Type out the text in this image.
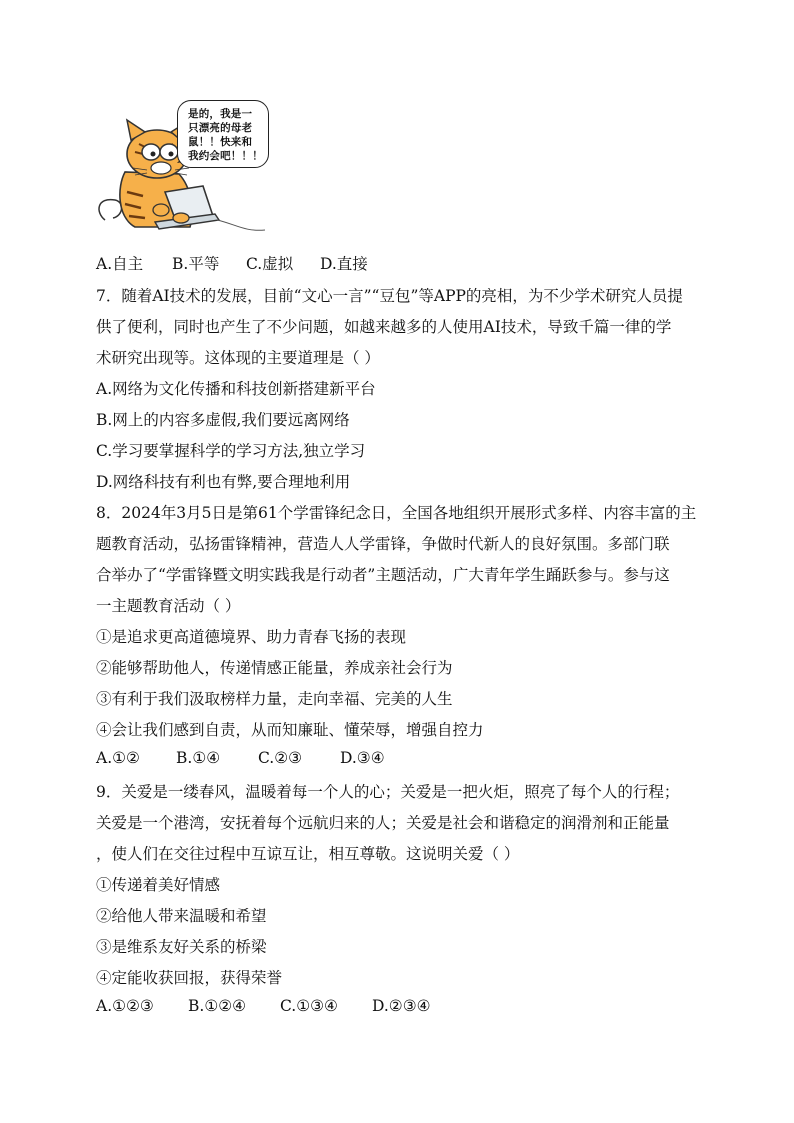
是的，我是一
只漂亮的母老
鼠！！快来和
我约会吧！！！
A.自主 B.平等 C.虚拟 D.直接
7．随着AI技术的发展，目前“文心一言”“豆包”等APP的亮相，为不少学术研究人员提
供了便利，同时也产生了不少问题，如越来越多的人使用AI技术，导致千篇一律的学
术研究出现等。这体现的主要道理是（ ）
A.网络为文化传播和科技创新搭建新平台
B.网上的内容多虚假,我们要远离网络
C.学习要掌握科学的学习方法,独立学习
D.网络科技有利也有弊,要合理地利用
8．2024年3月5日是第61个学雷锋纪念日，全国各地组织开展形式多样、内容丰富的主
题教育活动，弘扬雷锋精神，营造人人学雷锋，争做时代新人的良好氛围。多部门联
合举办了“学雷锋暨文明实践我是行动者”主题活动，广大青年学生踊跃参与。参与这
一主题教育活动（ ）
①是追求更高道德境界、助力青春飞扬的表现
②能够帮助他人，传递情感正能量，养成亲社会行为
③有利于我们汲取榜样力量，走向幸福、完美的人生
④会让我们感到自责，从而知廉耻、懂荣辱，增强自控力
A.①② B.①④ C.②③ D.③④
9．关爱是一缕春风，温暖着每一个人的心；关爱是一把火炬，照亮了每个人的行程；
关爱是一个港湾，安抚着每个远航归来的人；关爱是社会和谐稳定的润滑剂和正能量
，使人们在交往过程中互谅互让，相互尊敬。这说明关爱（ ）
①传递着美好情感
②给他人带来温暖和希望
③是维系友好关系的桥梁
④定能收获回报，获得荣誉
A.①②③ B.①②④ C.①③④ D.②③④
